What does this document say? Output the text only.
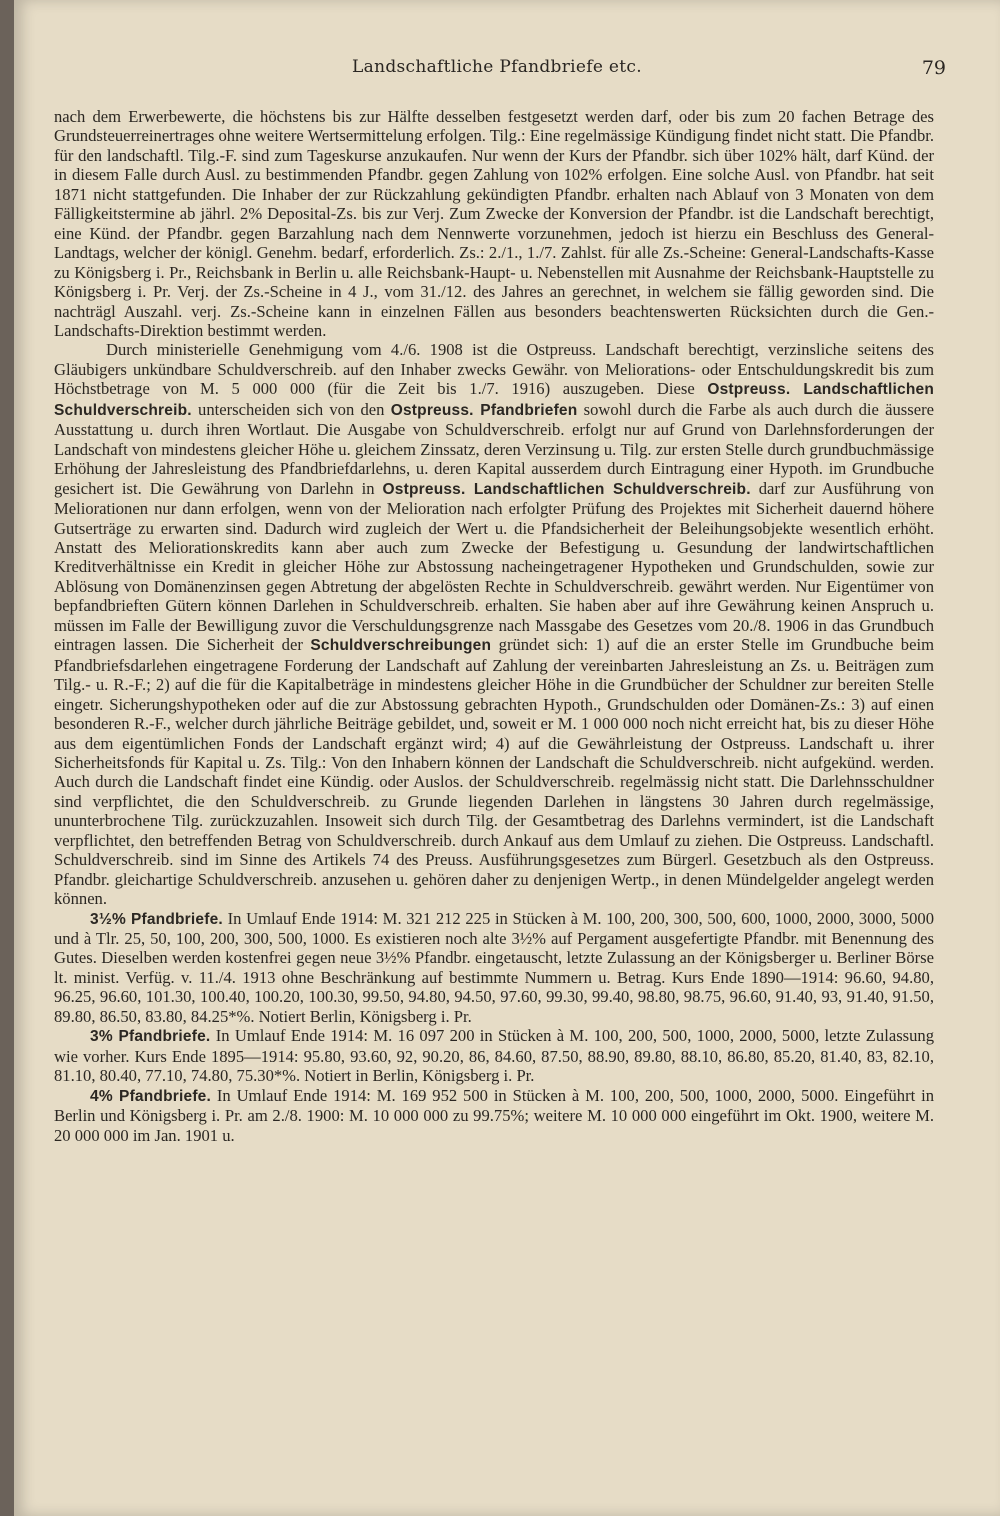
Landschaftliche Pfandbriefe etc.	79

nach dem Erwerbewerte, die höchstens bis zur Hälfte desselben festgesetzt werden darf, oder bis zum 20 fachen Betrage des Grundsteuerreinertrages ohne weitere Wertsermittelung erfolgen. Tilg.: Eine regelmässige Kündigung findet nicht statt. Die Pfandbr. für den landschaftl. Tilg.-F. sind zum Tageskurse anzukaufen. Nur wenn der Kurs der Pfandbr. sich über 102% hält, darf Künd. der in diesem Falle durch Ausl. zu bestimmenden Pfandbr. gegen Zahlung von 102% erfolgen. Eine solche Ausl. von Pfandbr. hat seit 1871 nicht stattgefunden. Die Inhaber der zur Rückzahlung gekündigten Pfandbr. erhalten nach Ablauf von 3 Monaten von dem Fälligkeitstermine ab jährl. 2% Deposital-Zs. bis zur Verj. Zum Zwecke der Konversion der Pfandbr. ist die Landschaft berechtigt, eine Künd. der Pfandbr. gegen Barzahlung nach dem Nennwerte vorzunehmen, jedoch ist hierzu ein Beschluss des General-Landtags, welcher der königl. Genehm. bedarf, erforderlich. Zs.: 2./1., 1./7. Zahlst. für alle Zs.-Scheine: General-Landschafts-Kasse zu Königsberg i. Pr., Reichsbank in Berlin u. alle Reichsbank-Haupt- u. Nebenstellen mit Ausnahme der Reichsbank-Hauptstelle zu Königsberg i. Pr. Verj. der Zs.-Scheine in 4 J., vom 31./12. des Jahres an gerechnet, in welchem sie fällig geworden sind. Die nachträgl Auszahl. verj. Zs.-Scheine kann in einzelnen Fällen aus besonders beachtenswerten Rücksichten durch die Gen.-Landschafts-Direktion bestimmt werden.

Durch ministerielle Genehmigung vom 4./6. 1908 ist die Ostpreuss. Landschaft berechtigt, verzinsliche seitens des Gläubigers unkündbare Schuldverschreib. auf den Inhaber zwecks Gewähr. von Meliorations- oder Entschuldungskredit bis zum Höchstbetrage von M. 5 000 000 (für die Zeit bis 1./7. 1916) auszugeben. Diese Ostpreuss. Landschaftlichen Schuldverschreib. unterscheiden sich von den Ostpreuss. Pfandbriefen sowohl durch die Farbe als auch durch die äussere Ausstattung u. durch ihren Wortlaut. Die Ausgabe von Schuldverschreib. erfolgt nur auf Grund von Darlehnsforderungen der Landschaft von mindestens gleicher Höhe u. gleichem Zinssatz, deren Verzinsung u. Tilg. zur ersten Stelle durch grundbuchmässige Erhöhung der Jahresleistung des Pfandbriefdarlehns, u. deren Kapital ausserdem durch Eintragung einer Hypoth. im Grundbuche gesichert ist. Die Gewährung von Darlehn in Ostpreuss. Landschaftlichen Schuldverschreib. darf zur Ausführung von Meliorationen nur dann erfolgen, wenn von der Melioration nach erfolgter Prüfung des Projektes mit Sicherheit dauernd höhere Gutserträge zu erwarten sind. Dadurch wird zugleich der Wert u. die Pfandsicherheit der Beleihungsobjekte wesentlich erhöht. Anstatt des Meliorationskredits kann aber auch zum Zwecke der Befestigung u. Gesundung der landwirtschaftlichen Kreditverhältnisse ein Kredit in gleicher Höhe zur Abstossung nacheingetragener Hypotheken und Grundschulden, sowie zur Ablösung von Domänenzinsen gegen Abtretung der abgelösten Rechte in Schuldverschreib. gewährt werden. Nur Eigentümer von bepfandbrieften Gütern können Darlehen in Schuldverschreib. erhalten. Sie haben aber auf ihre Gewährung keinen Anspruch u. müssen im Falle der Bewilligung zuvor die Verschuldungsgrenze nach Massgabe des Gesetzes vom 20./8. 1906 in das Grundbuch eintragen lassen. Die Sicherheit der Schuldverschreibungen gründet sich: 1) auf die an erster Stelle im Grundbuche beim Pfandbriefsdarlehen eingetragene Forderung der Landschaft auf Zahlung der vereinbarten Jahresleistung an Zs. u. Beiträgen zum Tilg.- u. R.-F.; 2) auf die für die Kapitalbeträge in mindestens gleicher Höhe in die Grundbücher der Schuldner zur bereiten Stelle eingetr. Sicherungshypotheken oder auf die zur Abstossung gebrachten Hypoth., Grundschulden oder Domänen-Zs.: 3) auf einen besonderen R.-F., welcher durch jährliche Beiträge gebildet, und, soweit er M. 1 000 000 noch nicht erreicht hat, bis zu dieser Höhe aus dem eigentümlichen Fonds der Landschaft ergänzt wird; 4) auf die Gewährleistung der Ostpreuss. Landschaft u. ihrer Sicherheitsfonds für Kapital u. Zs. Tilg.: Von den Inhabern können der Landschaft die Schuldverschreib. nicht aufgekünd. werden. Auch durch die Landschaft findet eine Kündig. oder Auslos. der Schuldverschreib. regelmässig nicht statt. Die Darlehnsschuldner sind verpflichtet, die den Schuldverschreib. zu Grunde liegenden Darlehen in längstens 30 Jahren durch regelmässige, ununterbrochene Tilg. zurückzuzahlen. Insoweit sich durch Tilg. der Gesamtbetrag des Darlehns vermindert, ist die Landschaft verpflichtet, den betreffenden Betrag von Schuldverschreib. durch Ankauf aus dem Umlauf zu ziehen. Die Ostpreuss. Landschaftl. Schuldverschreib. sind im Sinne des Artikels 74 des Preuss. Ausführungsgesetzes zum Bürgerl. Gesetzbuch als den Ostpreuss. Pfandbr. gleichartige Schuldverschreib. anzusehen u. gehören daher zu denjenigen Wertp., in denen Mündelgelder angelegt werden können.

3½% Pfandbriefe. In Umlauf Ende 1914: M. 321 212 225 in Stücken à M. 100, 200, 300, 500, 600, 1000, 2000, 3000, 5000 und à Tlr. 25, 50, 100, 200, 300, 500, 1000. Es existieren noch alte 3½% auf Pergament ausgefertigte Pfandbr. mit Benennung des Gutes. Dieselben werden kostenfrei gegen neue 3½% Pfandbr. eingetauscht, letzte Zulassung an der Königsberger u. Berliner Börse lt. minist. Verfüg. v. 11./4. 1913 ohne Beschränkung auf bestimmte Nummern u. Betrag. Kurs Ende 1890—1914: 96.60, 94.80, 96.25, 96.60, 101.30, 100.40, 100.20, 100.30, 99.50, 94.80, 94.50, 97.60, 99.30, 99.40, 98.80, 98.75, 96.60, 91.40, 93, 91.40, 91.50, 89.80, 86.50, 83.80, 84.25*%. Notiert Berlin, Königsberg i. Pr.

3% Pfandbriefe. In Umlauf Ende 1914: M. 16 097 200 in Stücken à M. 100, 200, 500, 1000, 2000, 5000, letzte Zulassung wie vorher. Kurs Ende 1895—1914: 95.80, 93.60, 92, 90.20, 86, 84.60, 87.50, 88.90, 89.80, 88.10, 86.80, 85.20, 81.40, 83, 82.10, 81.10, 80.40, 77.10, 74.80, 75.30*%. Notiert in Berlin, Königsberg i. Pr.

4% Pfandbriefe. In Umlauf Ende 1914: M. 169 952 500 in Stücken à M. 100, 200, 500, 1000, 2000, 5000. Eingeführt in Berlin und Königsberg i. Pr. am 2./8. 1900: M. 10 000 000 zu 99.75%; weitere M. 10 000 000 eingeführt im Okt. 1900, weitere M. 20 000 000 im Jan. 1901 u.
